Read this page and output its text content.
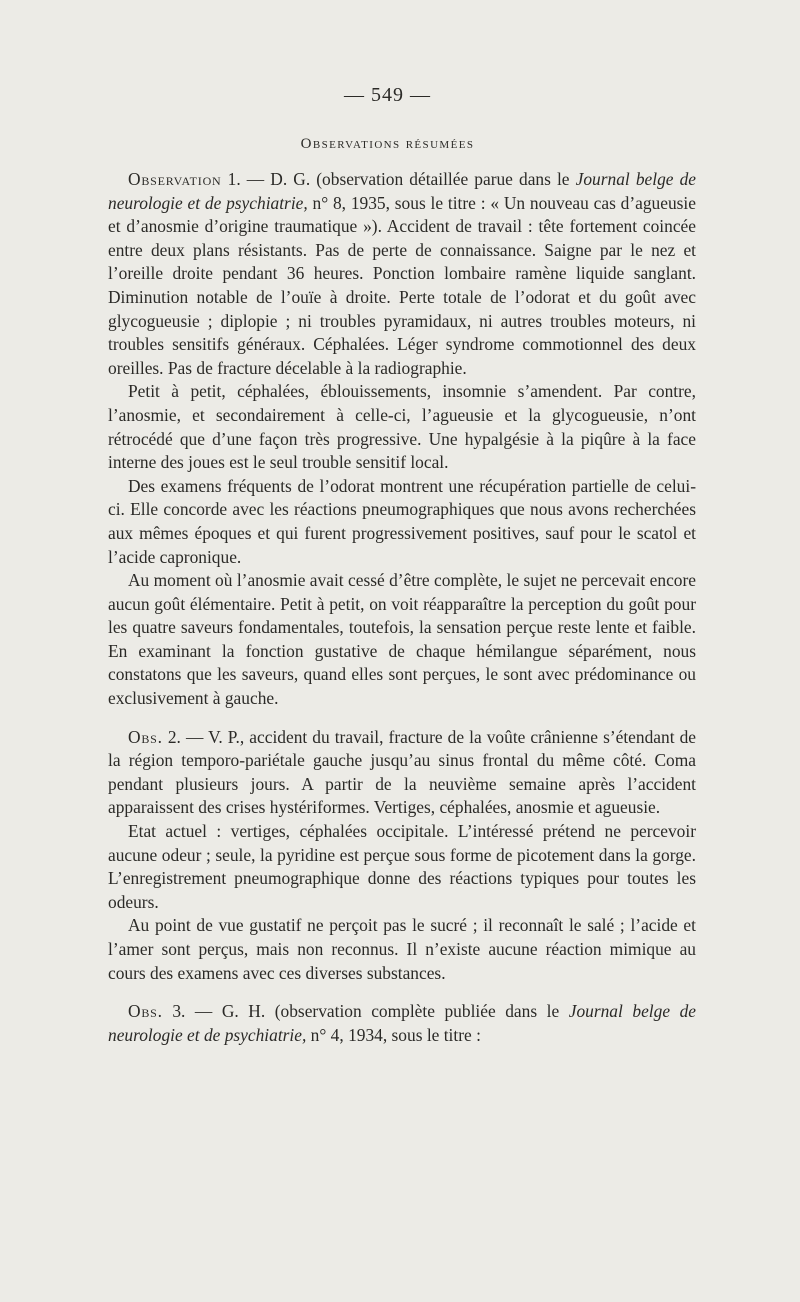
— 549 —
Observations résumées

Observation 1. — D. G. (observation détaillée parue dans le Journal belge de neurologie et de psychiatrie, n° 8, 1935, sous le titre : « Un nouveau cas d’agueusie et d’anosmie d’origine traumatique »). Accident de travail : tête fortement coincée entre deux plans résistants. Pas de perte de connaissance. Saigne par le nez et l’oreille droite pendant 36 heures. Ponction lombaire ramène liquide sanglant. Diminution notable de l’ouïe à droite. Perte totale de l’odorat et du goût avec glycogueusie ; diplopie ; ni troubles pyramidaux, ni autres troubles moteurs, ni troubles sensitifs généraux. Céphalées. Léger syndrome commotionnel des deux oreilles. Pas de fracture décelable à la radiographie.

Petit à petit, céphalées, éblouissements, insomnie s’amendent. Par contre, l’anosmie, et secondairement à celle-ci, l’agueusie et la glycogueusie, n’ont rétrocédé que d’une façon très progressive. Une hypalgésie à la piqûre à la face interne des joues est le seul trouble sensitif local.

Des examens fréquents de l’odorat montrent une récupération partielle de celui-ci. Elle concorde avec les réactions pneumographiques que nous avons recherchées aux mêmes époques et qui furent progressivement positives, sauf pour le scatol et l’acide capronique.

Au moment où l’anosmie avait cessé d’être complète, le sujet ne percevait encore aucun goût élémentaire. Petit à petit, on voit réapparaître la perception du goût pour les quatre saveurs fondamentales, toutefois, la sensation perçue reste lente et faible. En examinant la fonction gustative de chaque hémilangue séparément, nous constatons que les saveurs, quand elles sont perçues, le sont avec prédominance ou exclusivement à gauche.

Obs. 2. — V. P., accident du travail, fracture de la voûte crânienne s’étendant de la région temporo-pariétale gauche jusqu’au sinus frontal du même côté. Coma pendant plusieurs jours. A partir de la neuvième semaine après l’accident apparaissent des crises hystériformes. Vertiges, céphalées, anosmie et agueusie.

Etat actuel : vertiges, céphalées occipitale. L’intéressé prétend ne percevoir aucune odeur ; seule, la pyridine est perçue sous forme de picotement dans la gorge. L’enregistrement pneumographique donne des réactions typiques pour toutes les odeurs.

Au point de vue gustatif ne perçoit pas le sucré ; il reconnaît le salé ; l’acide et l’amer sont perçus, mais non reconnus. Il n’existe aucune réaction mimique au cours des examens avec ces diverses substances.

Obs. 3. — G. H. (observation complète publiée dans le Journal belge de neurologie et de psychiatrie, n° 4, 1934, sous le titre :
